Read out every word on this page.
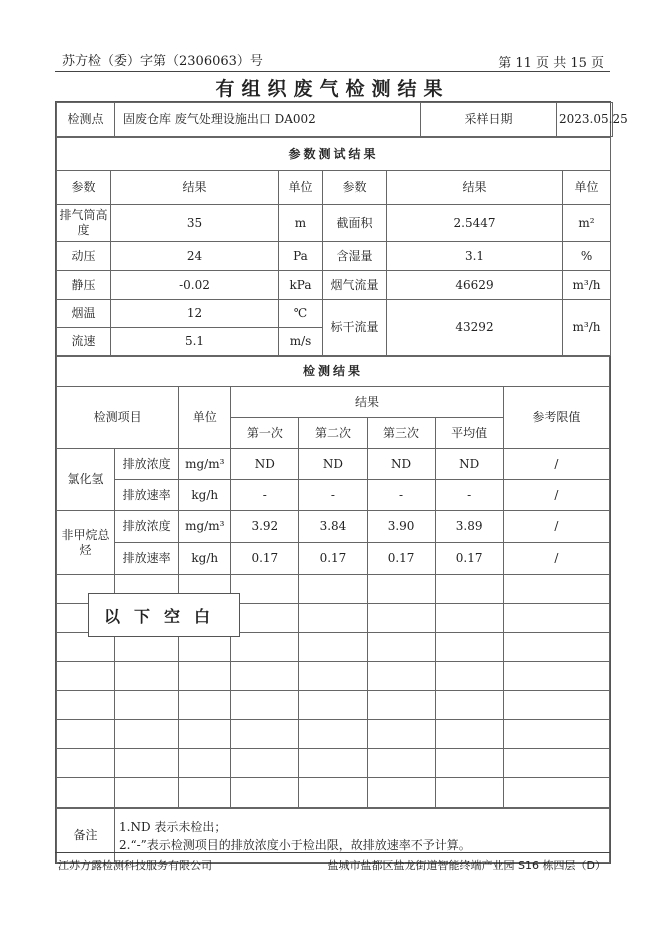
苏方检（委）字第（2306063）号	第 11 页 共 15 页
有组织废气检测结果
检测点	固废仓库 废气处理设施出口 DA002	采样日期	2023.05.25
参数测试结果					
参数	结果	单位	参数	结果	单位
排气筒高度	35	m	截面积	2.5447	m²
动压	24	Pa	含湿量	3.1	%
静压	-0.02	kPa	烟气流量	46629	m³/h
烟温	12	℃	标干流量	43292	m³/h
流速	5.1	m/s			
检测结果							
检测项目		单位	结果				参考限值
			第一次	第二次	第三次	平均值	
氯化氢	排放浓度	mg/m³	ND	ND	ND	ND	/
	排放速率	kg/h	-	-	-	-	/
非甲烷总烃	排放浓度	mg/m³	3.92	3.84	3.90	3.89	/
	排放速率	kg/h	0.17	0.17	0.17	0.17	/

备注	
1.ND 表示未检出；
2.“-”表示检测项目的排放浓度小于检出限，故排放速率不予计算。
以下空白
江苏方露检测科技服务有限公司	盐城市盐都区盐龙街道智能终端产业园 S16 栋四层（D）
